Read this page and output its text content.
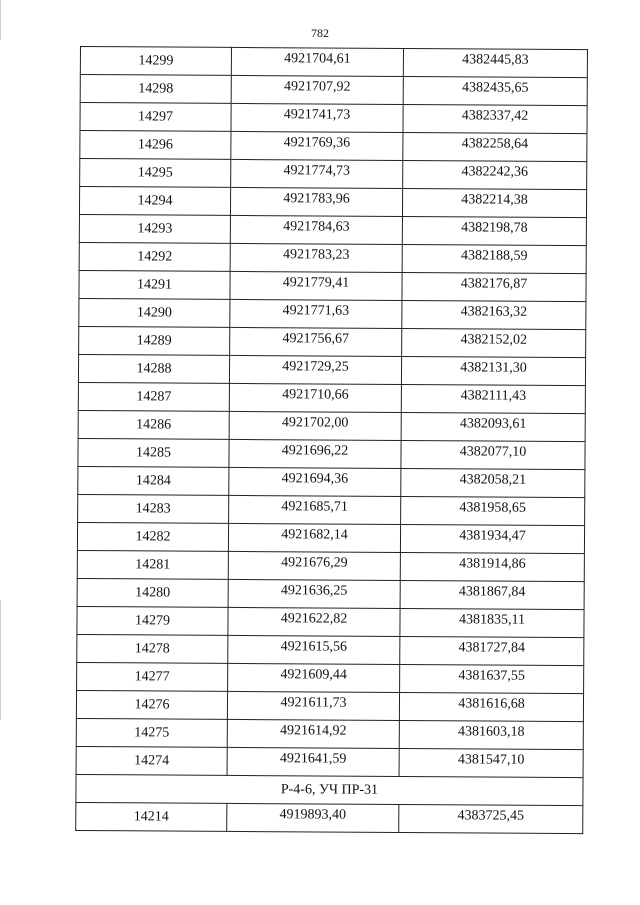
782
14299	4921704,61	4382445,83
14298	4921707,92	4382435,65
14297	4921741,73	4382337,42
14296	4921769,36	4382258,64
14295	4921774,73	4382242,36
14294	4921783,96	4382214,38
14293	4921784,63	4382198,78
14292	4921783,23	4382188,59
14291	4921779,41	4382176,87
14290	4921771,63	4382163,32
14289	4921756,67	4382152,02
14288	4921729,25	4382131,30
14287	4921710,66	4382111,43
14286	4921702,00	4382093,61
14285	4921696,22	4382077,10
14284	4921694,36	4382058,21
14283	4921685,71	4381958,65
14282	4921682,14	4381934,47
14281	4921676,29	4381914,86
14280	4921636,25	4381867,84
14279	4921622,82	4381835,11
14278	4921615,56	4381727,84
14277	4921609,44	4381637,55
14276	4921611,73	4381616,68
14275	4921614,92	4381603,18
14274	4921641,59	4381547,10
Р-4-6, УЧ ПР-31		
14214	4919893,40	4383725,45
